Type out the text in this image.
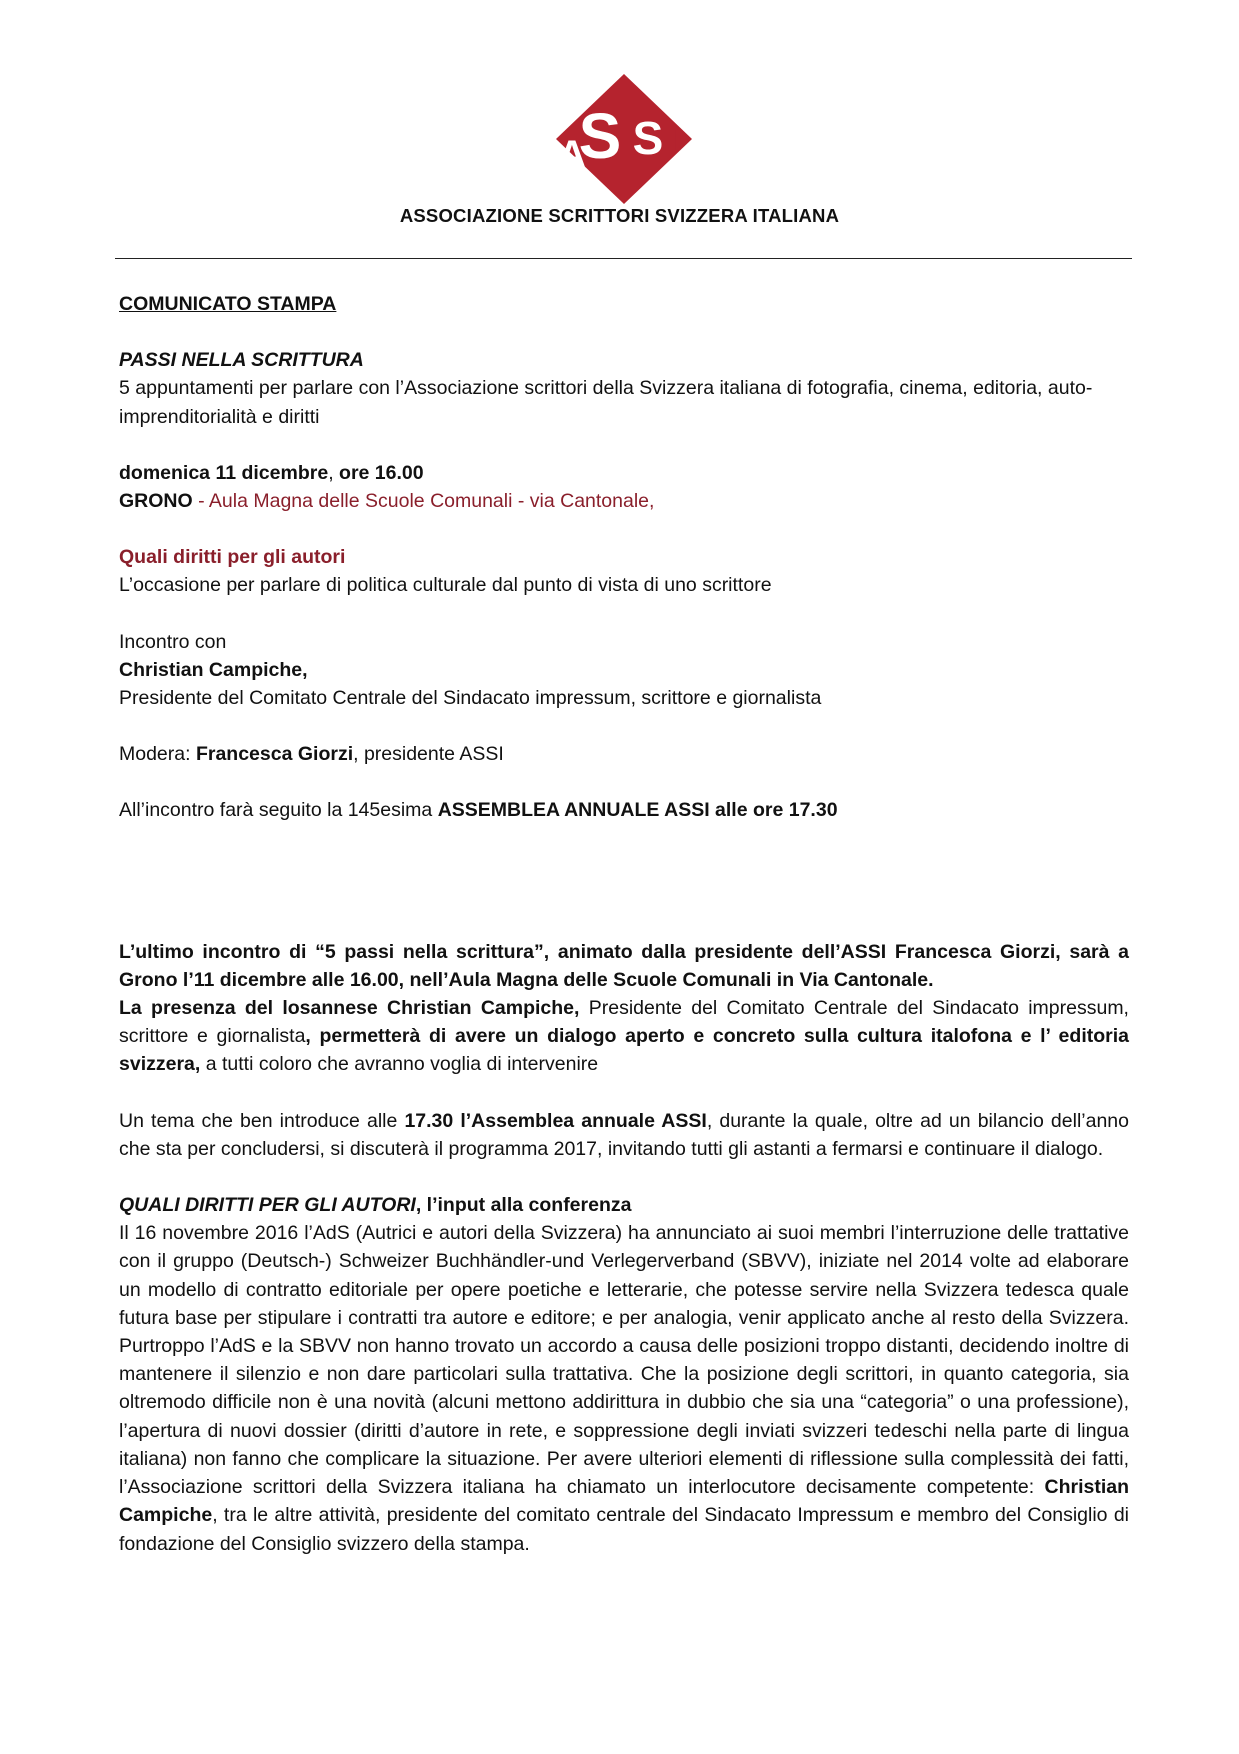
S
A S I
ASSOCIAZIONE SCRITTORI SVIZZERA ITALIANA

COMUNICATO STAMPA

PASSI NELLA SCRITTURA

5 appuntamenti per parlare con l’Associazione scrittori della Svizzera italiana di fotografia, cinema, editoria, auto-imprenditorialità e diritti

domenica 11 dicembre, ore 16.00

GRONO - Aula Magna delle Scuole Comunali - via Cantonale,

Quali diritti per gli autori

L’occasione per parlare di politica culturale dal punto di vista di uno scrittore

Incontro con

Christian Campiche,

Presidente del Comitato Centrale del Sindacato impressum, scrittore e giornalista

Modera: Francesca Giorzi, presidente ASSI

All’incontro farà seguito la 145esima ASSEMBLEA ANNUALE ASSI alle ore 17.30

L’ultimo incontro di “5 passi nella scrittura”, animato dalla presidente dell’ASSI Francesca Giorzi, sarà a Grono l’11 dicembre alle 16.00, nell’Aula Magna delle Scuole Comunali in Via Cantonale.
La presenza del losannese Christian Campiche, Presidente del Comitato Centrale del Sindacato impressum, scrittore e giornalista, permetterà di avere un dialogo aperto e concreto sulla cultura italofona e l’ editoria svizzera, a tutti coloro che avranno voglia di intervenire

Un tema che ben introduce alle 17.30 l’Assemblea annuale ASSI, durante la quale, oltre ad un bilancio dell’anno che sta per concludersi, si discuterà il programma 2017, invitando tutti gli astanti a fermarsi e continuare il dialogo.

QUALI DIRITTI PER GLI AUTORI, l’input alla conferenza

Il 16 novembre 2016 l’AdS (Autrici e autori della Svizzera) ha annunciato ai suoi membri l’interruzione delle trattative con il gruppo (Deutsch-) Schweizer Buchhändler-und Verlegerverband (SBVV), iniziate nel 2014 volte ad elaborare un modello di contratto editoriale per opere poetiche e letterarie, che potesse servire nella Svizzera tedesca quale futura base per stipulare i contratti tra autore e editore; e per analogia, venir applicato anche al resto della Svizzera. Purtroppo l’AdS e la SBVV non hanno trovato un accordo a causa delle posizioni troppo distanti, decidendo inoltre di mantenere il silenzio e non dare particolari sulla trattativa. Che la posizione degli scrittori, in quanto categoria, sia oltremodo difficile non è una novità (alcuni mettono addirittura in dubbio che sia una “categoria” o una professione), l’apertura di nuovi dossier (diritti d’autore in rete, e soppressione degli inviati svizzeri tedeschi nella parte di lingua italiana) non fanno che complicare la situazione. Per avere ulteriori elementi di riflessione sulla complessità dei fatti, l’Associazione scrittori della Svizzera italiana ha chiamato un interlocutore decisamente competente: Christian Campiche, tra le altre attività, presidente del comitato centrale del Sindacato Impressum e membro del Consiglio di fondazione del Consiglio svizzero della stampa.
